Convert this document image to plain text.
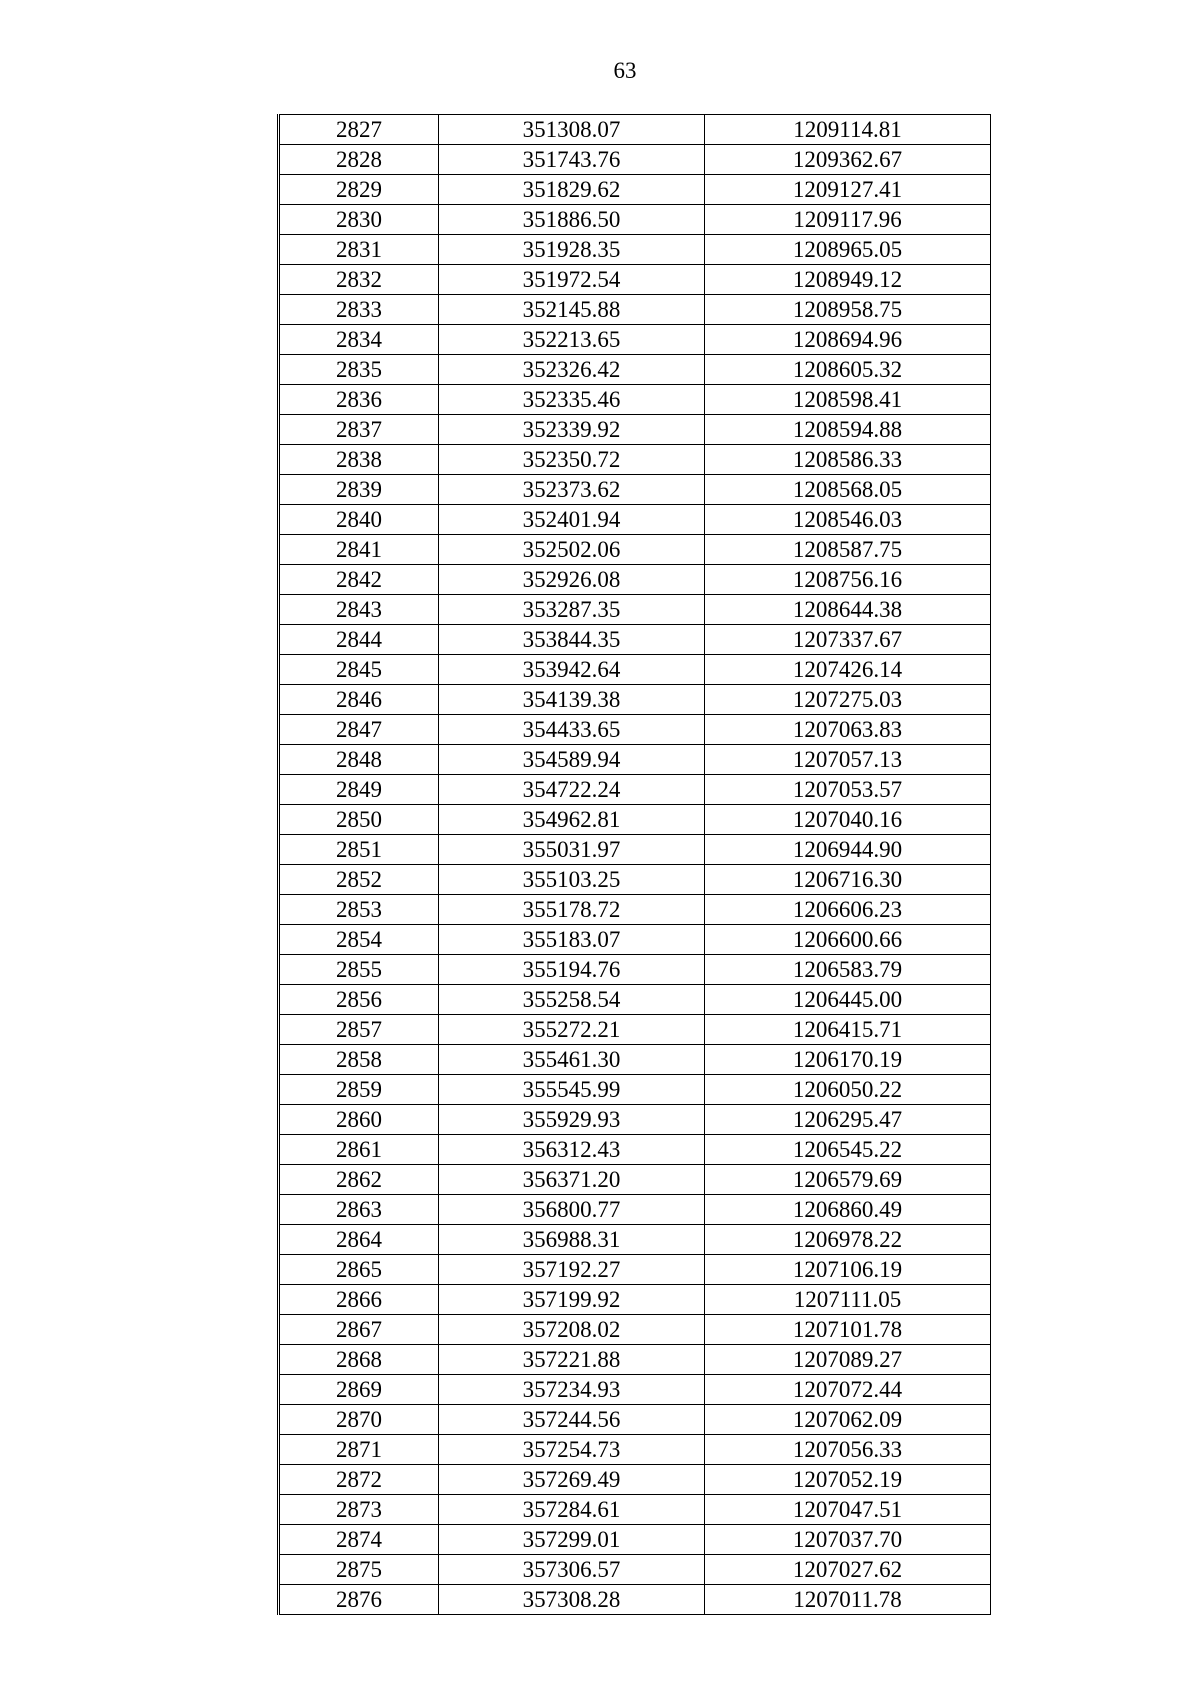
63
2827	351308.07	1209114.81
2828	351743.76	1209362.67
2829	351829.62	1209127.41
2830	351886.50	1209117.96
2831	351928.35	1208965.05
2832	351972.54	1208949.12
2833	352145.88	1208958.75
2834	352213.65	1208694.96
2835	352326.42	1208605.32
2836	352335.46	1208598.41
2837	352339.92	1208594.88
2838	352350.72	1208586.33
2839	352373.62	1208568.05
2840	352401.94	1208546.03
2841	352502.06	1208587.75
2842	352926.08	1208756.16
2843	353287.35	1208644.38
2844	353844.35	1207337.67
2845	353942.64	1207426.14
2846	354139.38	1207275.03
2847	354433.65	1207063.83
2848	354589.94	1207057.13
2849	354722.24	1207053.57
2850	354962.81	1207040.16
2851	355031.97	1206944.90
2852	355103.25	1206716.30
2853	355178.72	1206606.23
2854	355183.07	1206600.66
2855	355194.76	1206583.79
2856	355258.54	1206445.00
2857	355272.21	1206415.71
2858	355461.30	1206170.19
2859	355545.99	1206050.22
2860	355929.93	1206295.47
2861	356312.43	1206545.22
2862	356371.20	1206579.69
2863	356800.77	1206860.49
2864	356988.31	1206978.22
2865	357192.27	1207106.19
2866	357199.92	1207111.05
2867	357208.02	1207101.78
2868	357221.88	1207089.27
2869	357234.93	1207072.44
2870	357244.56	1207062.09
2871	357254.73	1207056.33
2872	357269.49	1207052.19
2873	357284.61	1207047.51
2874	357299.01	1207037.70
2875	357306.57	1207027.62
2876	357308.28	1207011.78
